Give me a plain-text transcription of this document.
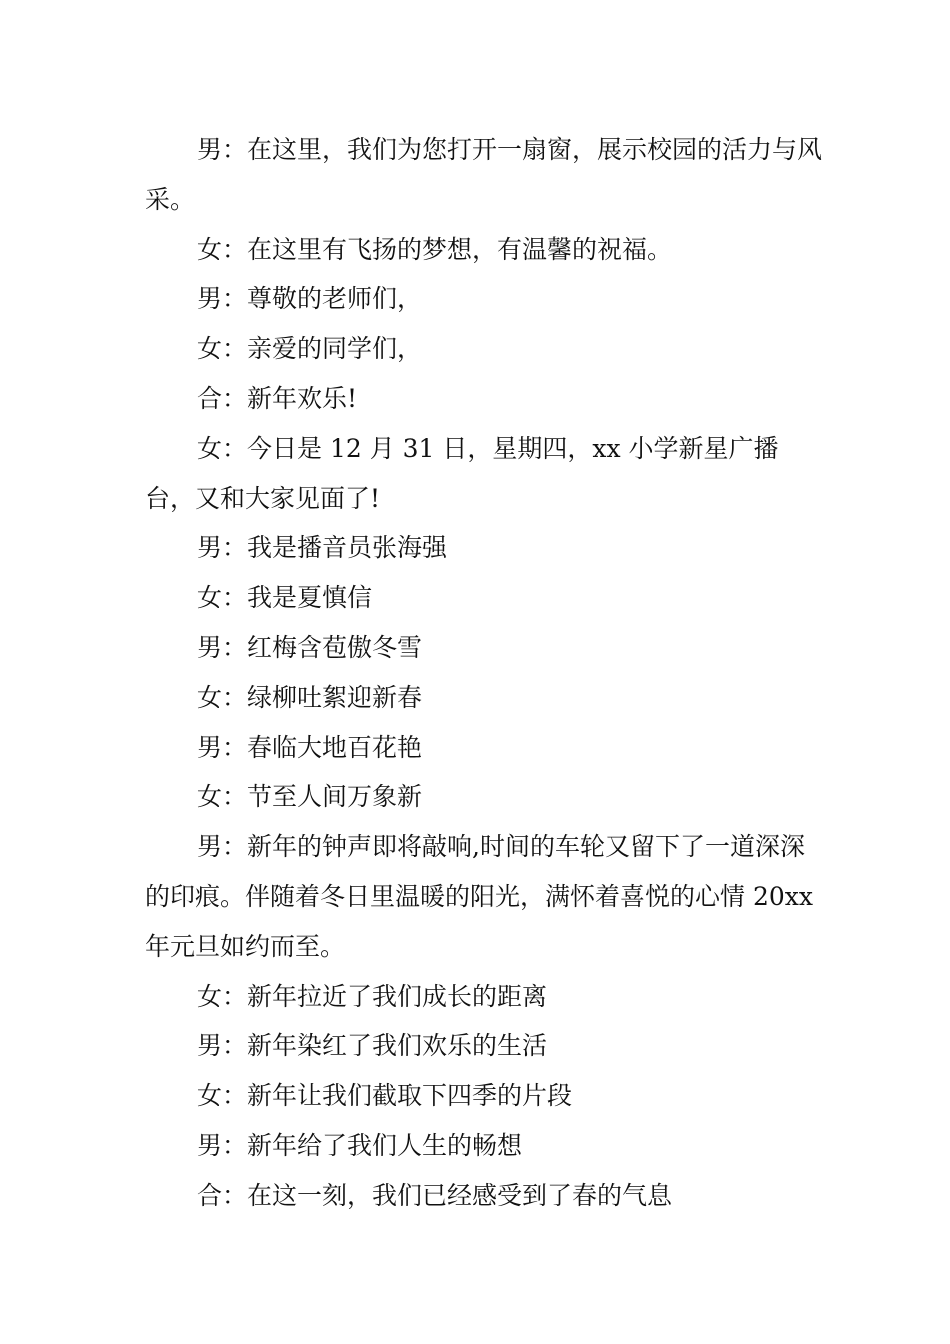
男：在这里，我们为您打开一扇窗，展示校园的活力与风采。

女：在这里有飞扬的梦想，有温馨的祝福。

男：尊敬的老师们，

女：亲爱的同学们，

合：新年欢乐!

女：今日是 12 月 31 日，星期四，xx 小学新星广播台，又和大家见面了!

男：我是播音员张海强

女：我是夏慎信

男：红梅含苞傲冬雪

女：绿柳吐絮迎新春

男：春临大地百花艳

女：节至人间万象新

男：新年的钟声即将敲响,时间的车轮又留下了一道深深的印痕。伴随着冬日里温暖的阳光，满怀着喜悦的心情 20xx 年元旦如约而至。

女：新年拉近了我们成长的距离

男：新年染红了我们欢乐的生活

女：新年让我们截取下四季的片段

男：新年给了我们人生的畅想

合：在这一刻，我们已经感受到了春的气息
